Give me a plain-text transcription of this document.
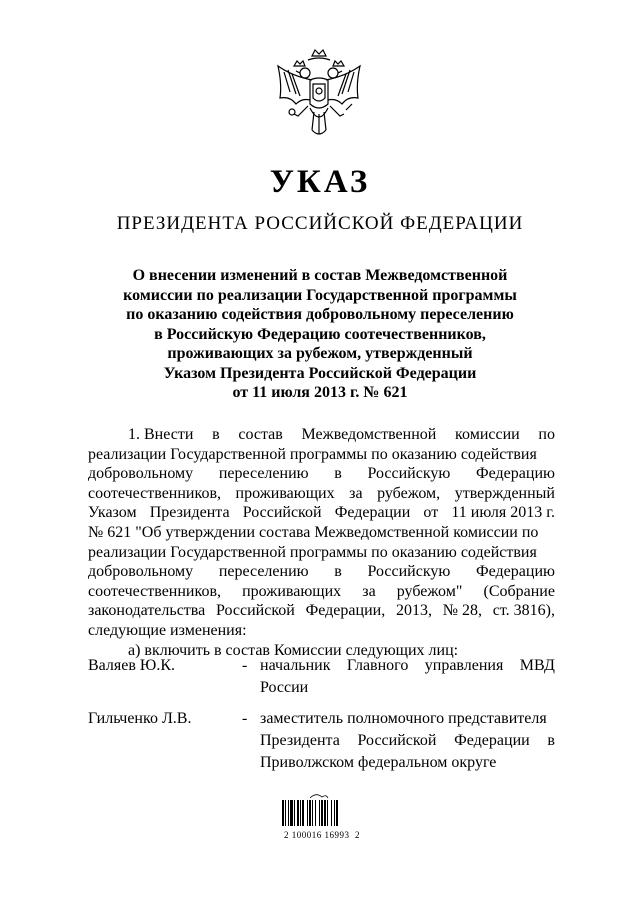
УКАЗ
ПРЕЗИДЕНТА РОССИЙСКОЙ ФЕДЕРАЦИИ
О внесении изменений в состав Межведомственной
комиссии по реализации Государственной программы
по оказанию содействия добровольному переселению
в Российскую Федерацию соотечественников,
проживающих за рубежом, утвержденный
Указом Президента Российской Федерации
от 11 июля 2013 г. № 621
1. Внести в состав Межведомственной комиссии по
реализации Государственной программы по оказанию содействия
добровольному переселению в Российскую Федерацию
соотечественников, проживающих за рубежом, утвержденный
Указом Президента Российской Федерации от 11 июля 2013 г.
№ 621 "Об утверждении состава Межведомственной комиссии по
реализации Государственной программы по оказанию содействия
добровольному переселению в Российскую Федерацию
соотечественников, проживающих за рубежом" (Собрание
законодательства Российской Федерации, 2013, № 28, ст. 3816),
следующие изменения:
а) включить в состав Комиссии следующих лиц:
Валяев Ю.К.	- начальник Главного управления МВД
России
Гильченко Л.В.	- заместитель полномочного представителя
Президента Российской Федерации в
Приволжском федеральном округе
2 100016 16993  2
